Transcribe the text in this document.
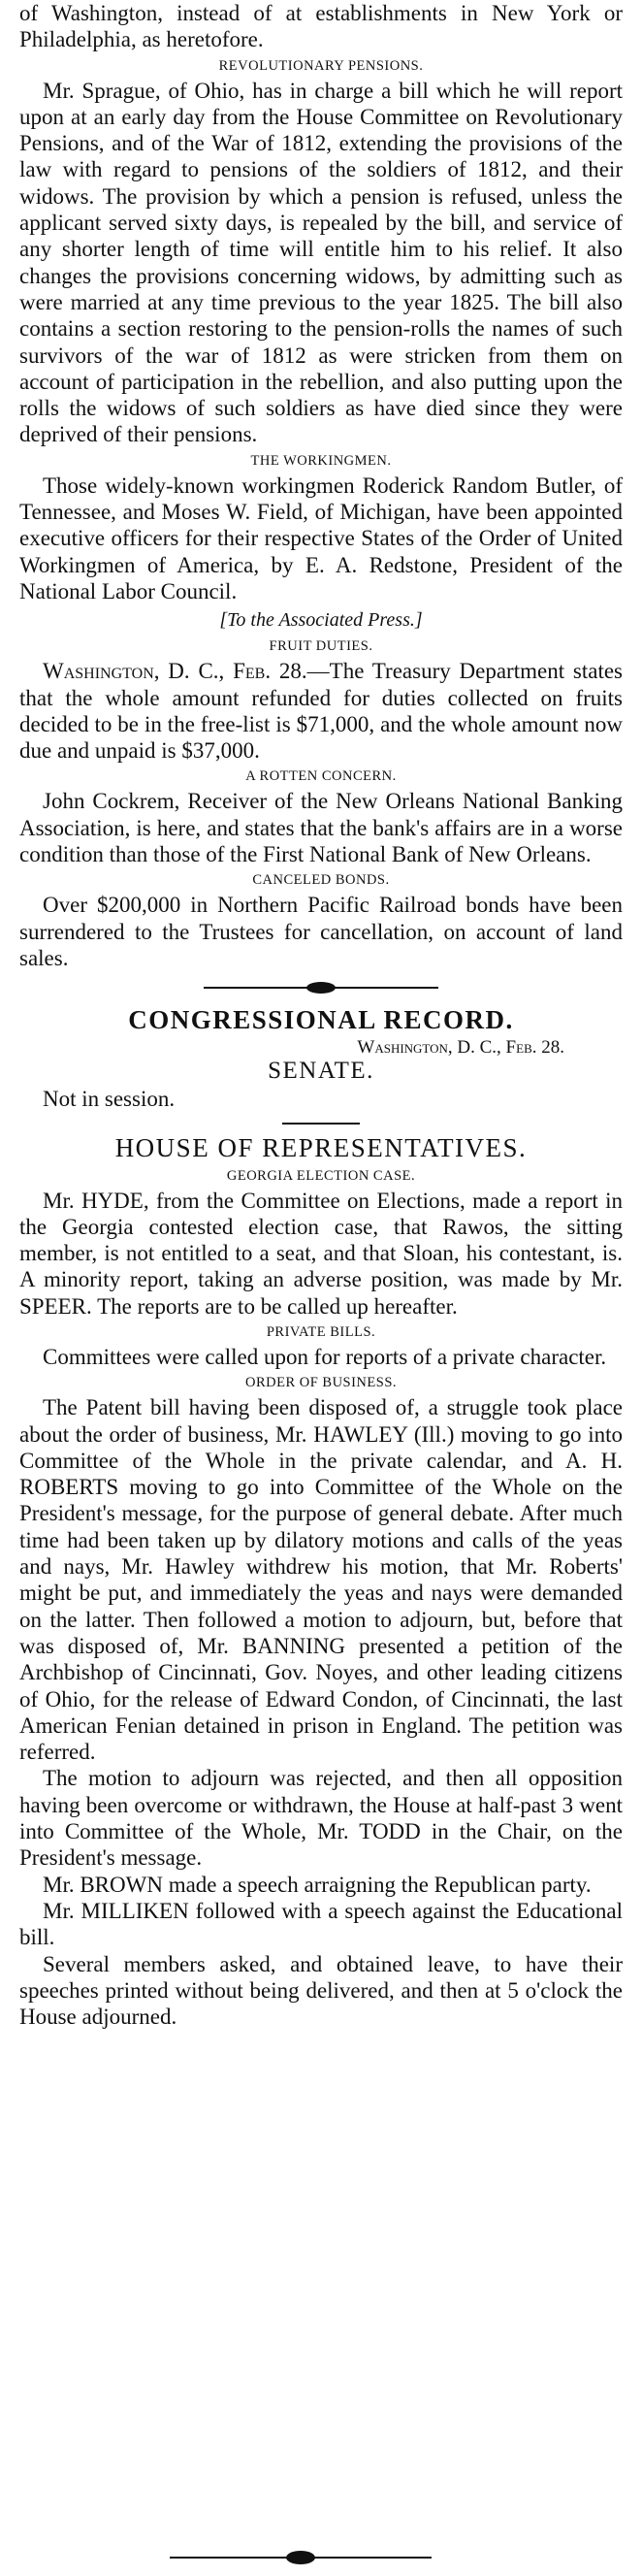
of Washington, instead of at establishments in New York or Philadelphia, as heretofore.

REVOLUTIONARY PENSIONS.

Mr. Sprague, of Ohio, has in charge a bill which he will report upon at an early day from the House Committee on Revolutionary Pensions, and of the War of 1812, extending the provisions of the law with regard to pensions of the soldiers of 1812, and their widows. The provision by which a pension is refused, unless the applicant served sixty days, is repealed by the bill, and service of any shorter length of time will entitle him to his relief. It also changes the provisions concerning widows, by admitting such as were married at any time previous to the year 1825. The bill also contains a section restoring to the pension-rolls the names of such survivors of the war of 1812 as were stricken from them on account of participation in the rebellion, and also putting upon the rolls the widows of such soldiers as have died since they were deprived of their pensions.

THE WORKINGMEN.

Those widely-known workingmen Roderick Random Butler, of Tennessee, and Moses W. Field, of Michigan, have been appointed executive officers for their respective States of the Order of United Workingmen of America, by E. A. Redstone, President of the National Labor Council.

[To the Associated Press.]
FRUIT DUTIES.

Washington, D. C., Feb. 28.—The Treasury Department states that the whole amount refunded for duties collected on fruits decided to be in the free-list is $71,000, and the whole amount now due and unpaid is $37,000.

A ROTTEN CONCERN.

John Cockrem, Receiver of the New Orleans National Banking Association, is here, and states that the bank's affairs are in a worse condition than those of the First National Bank of New Orleans.

CANCELED BONDS.

Over $200,000 in Northern Pacific Railroad bonds have been surrendered to the Trustees for cancellation, on account of land sales.

CONGRESSIONAL RECORD.
Washington, D. C., Feb. 28.
SENATE.

Not in session.

HOUSE OF REPRESENTATIVES.
GEORGIA ELECTION CASE.

Mr. HYDE, from the Committee on Elections, made a report in the Georgia contested election case, that Rawos, the sitting member, is not entitled to a seat, and that Sloan, his contestant, is. A minority report, taking an adverse position, was made by Mr. SPEER. The reports are to be called up hereafter.

PRIVATE BILLS.

Committees were called upon for reports of a private character.

ORDER OF BUSINESS.

The Patent bill having been disposed of, a struggle took place about the order of business, Mr. HAWLEY (Ill.) moving to go into Committee of the Whole in the private calendar, and A. H. ROBERTS moving to go into Committee of the Whole on the President's message, for the purpose of general debate. After much time had been taken up by dilatory motions and calls of the yeas and nays, Mr. Hawley withdrew his motion, that Mr. Roberts' might be put, and immediately the yeas and nays were demanded on the latter. Then followed a motion to adjourn, but, before that was disposed of, Mr. BANNING presented a petition of the Archbishop of Cincinnati, Gov. Noyes, and other leading citizens of Ohio, for the release of Edward Condon, of Cincinnati, the last American Fenian detained in prison in England. The petition was referred.

The motion to adjourn was rejected, and then all opposition having been overcome or withdrawn, the House at half-past 3 went into Committee of the Whole, Mr. TODD in the Chair, on the President's message.

Mr. BROWN made a speech arraigning the Republican party.

Mr. MILLIKEN followed with a speech against the Educational bill.

Several members asked, and obtained leave, to have their speeches printed without being delivered, and then at 5 o'clock the House adjourned.
